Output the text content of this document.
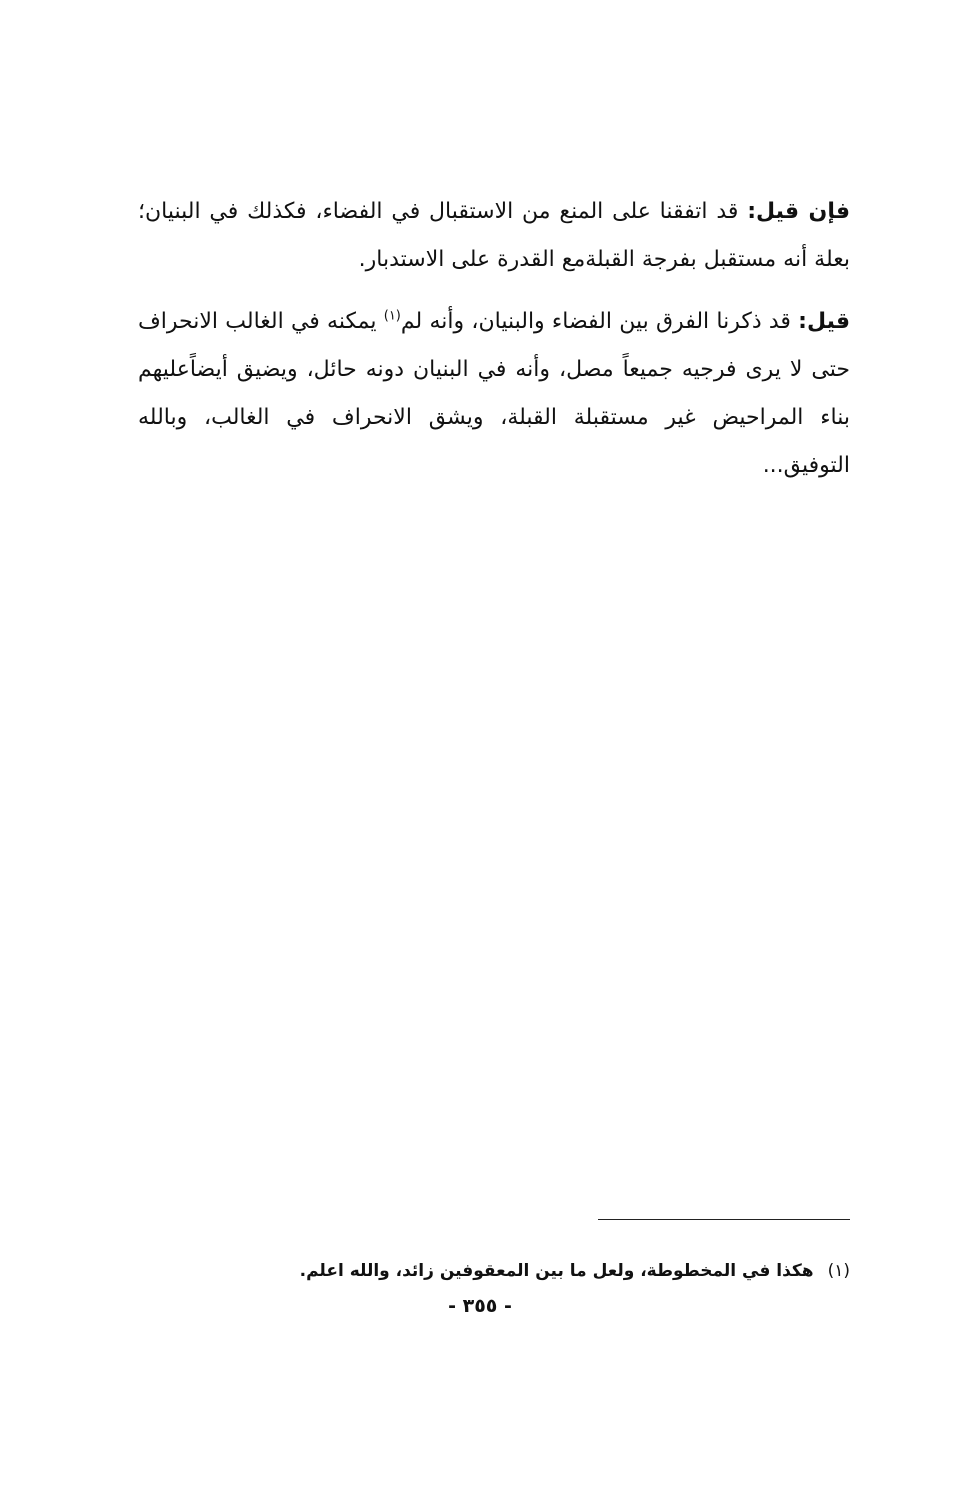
فإن قيل: قد اتفقنا على المنع من الاستقبال في الفضاء، فكذلك في البنيان؛ بعلة أنه مستقبل بفرجة القبلةمع القدرة على الاستدبار.

قيل: قد ذكرنا الفرق بين الفضاء والبنيان، وأنه لم$^{(١)}$ يمكنه في الغالب الانحراف حتى لا يرى فرجيه جميعاً مصل، وأنه في البنيان دونه حائل، ويضيق أيضاًعليهم بناء المراحيض غير مستقبلة القبلة، ويشق الانحراف في الغالب، وبالله التوفيق...

(١)هكذا في المخطوطة، ولعل ما بين المعقوفين زائد، والله اعلم.
- ٣٥٥ -
